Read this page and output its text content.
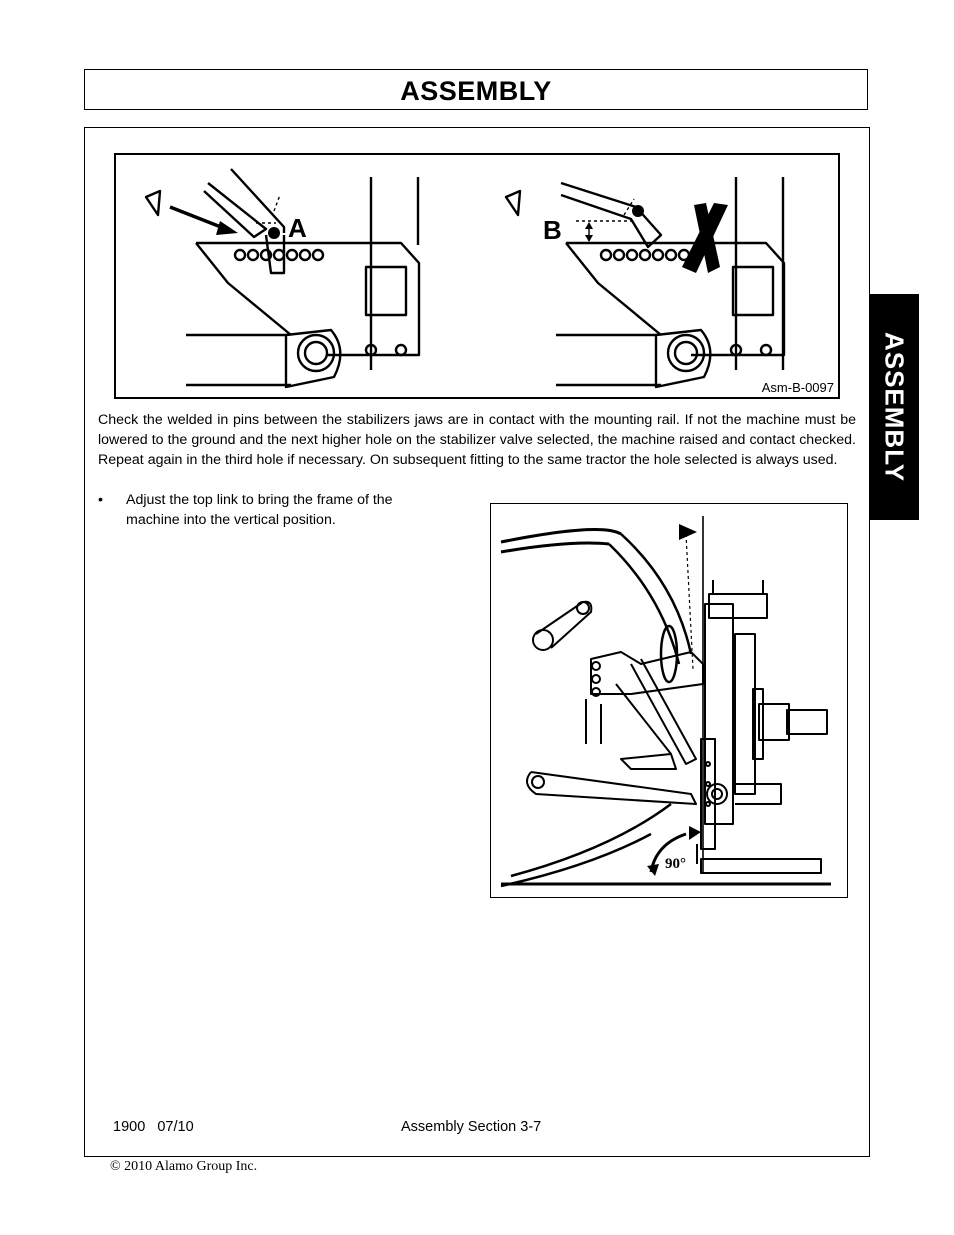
ASSEMBLY
ASSEMBLY
A	B
Asm-B-0097

Check the welded in pins between the stabilizers jaws are in contact with the mounting rail. If not the machine must be lowered to the ground and the next higher hole on the stabilizer valve selected, the machine raised and contact checked. Repeat again in the third hole if necessary. On subsequent fitting to the same tractor the hole selected is always used.

• Adjust the top link to bring the frame of the machine into the vertical position.
90°
1900   07/10	Assembly Section 3-7
© 2010 Alamo Group Inc.
